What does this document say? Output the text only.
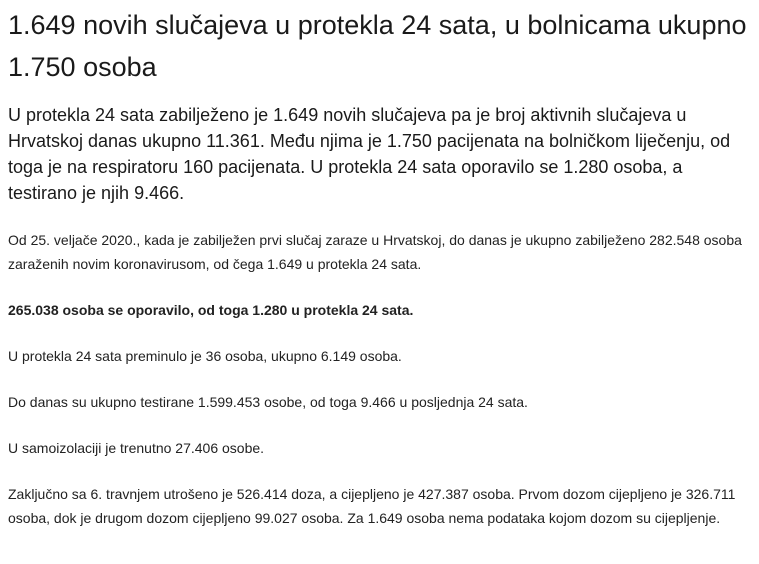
1.649 novih slučajeva u protekla 24 sata, u bolnicama ukupno 1.750 osoba

U protekla 24 sata zabilježeno je 1.649 novih slučajeva pa je broj aktivnih slučajeva u Hrvatskoj danas ukupno 11.361. Među njima je 1.750 pacijenata na bolničkom liječenju, od toga je na respiratoru 160 pacijenata. U protekla 24 sata oporavilo se 1.280 osoba, a testirano je njih 9.466.

Od 25. veljače 2020., kada je zabilježen prvi slučaj zaraze u Hrvatskoj, do danas je ukupno zabilježeno 282.548 osoba zaraženih novim koronavirusom, od čega 1.649 u protekla 24 sata.

265.038 osoba se oporavilo, od toga 1.280 u protekla 24 sata.

U protekla 24 sata preminulo je 36 osoba, ukupno 6.149 osoba.

Do danas su ukupno testirane 1.599.453 osobe, od toga 9.466 u posljednja 24 sata.

U samoizolaciji je trenutno 27.406 osobe.

Zaključno sa 6. travnjem utrošeno je 526.414 doza, a cijepljeno je 427.387 osoba. Prvom dozom cijepljeno je 326.711 osoba, dok je drugom dozom cijepljeno 99.027 osoba. Za 1.649 osoba nema podataka kojom dozom su cijepljenje.
